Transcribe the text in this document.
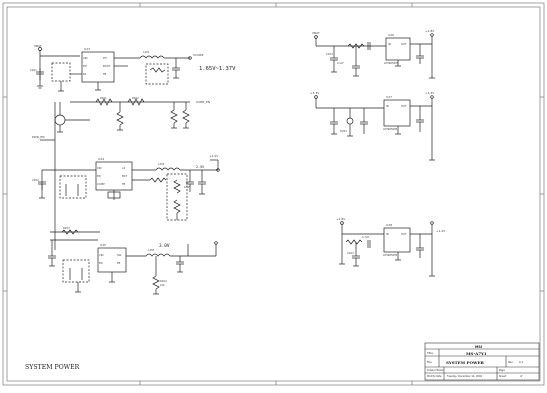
1.65V~1.37V
U23
VIN
EN
SS
PH
BOOT
FB
VCORE
VBAT
L201
R201	R202
CORE_EN
C201
PWR_EN
2.5V
U24
VIN
EN
COMP
LX
BST
FB
+2.5V
L202
C202
10uF
3.0V
U25
VIN
EN
SW
FB
L203
R203
R204
10K
U26
LP3985IM5
IN	OUT
+1.8V
VBAT
C203
0.1uF
U27
LP3985IM5
IN	OUT
+3.3V
+3.3V
D201
U28
LP3985IM5
IN	OUT
+1.2V
+1.8V
C204
4.7uH
SYSTEM POWER
MSI
Title	MS-A7Y1
File	SYSTEM POWER	Rev. 0.1
Drawer Name
Modify Date Tuesday, December 14, 2004
Page
Sheet	of
